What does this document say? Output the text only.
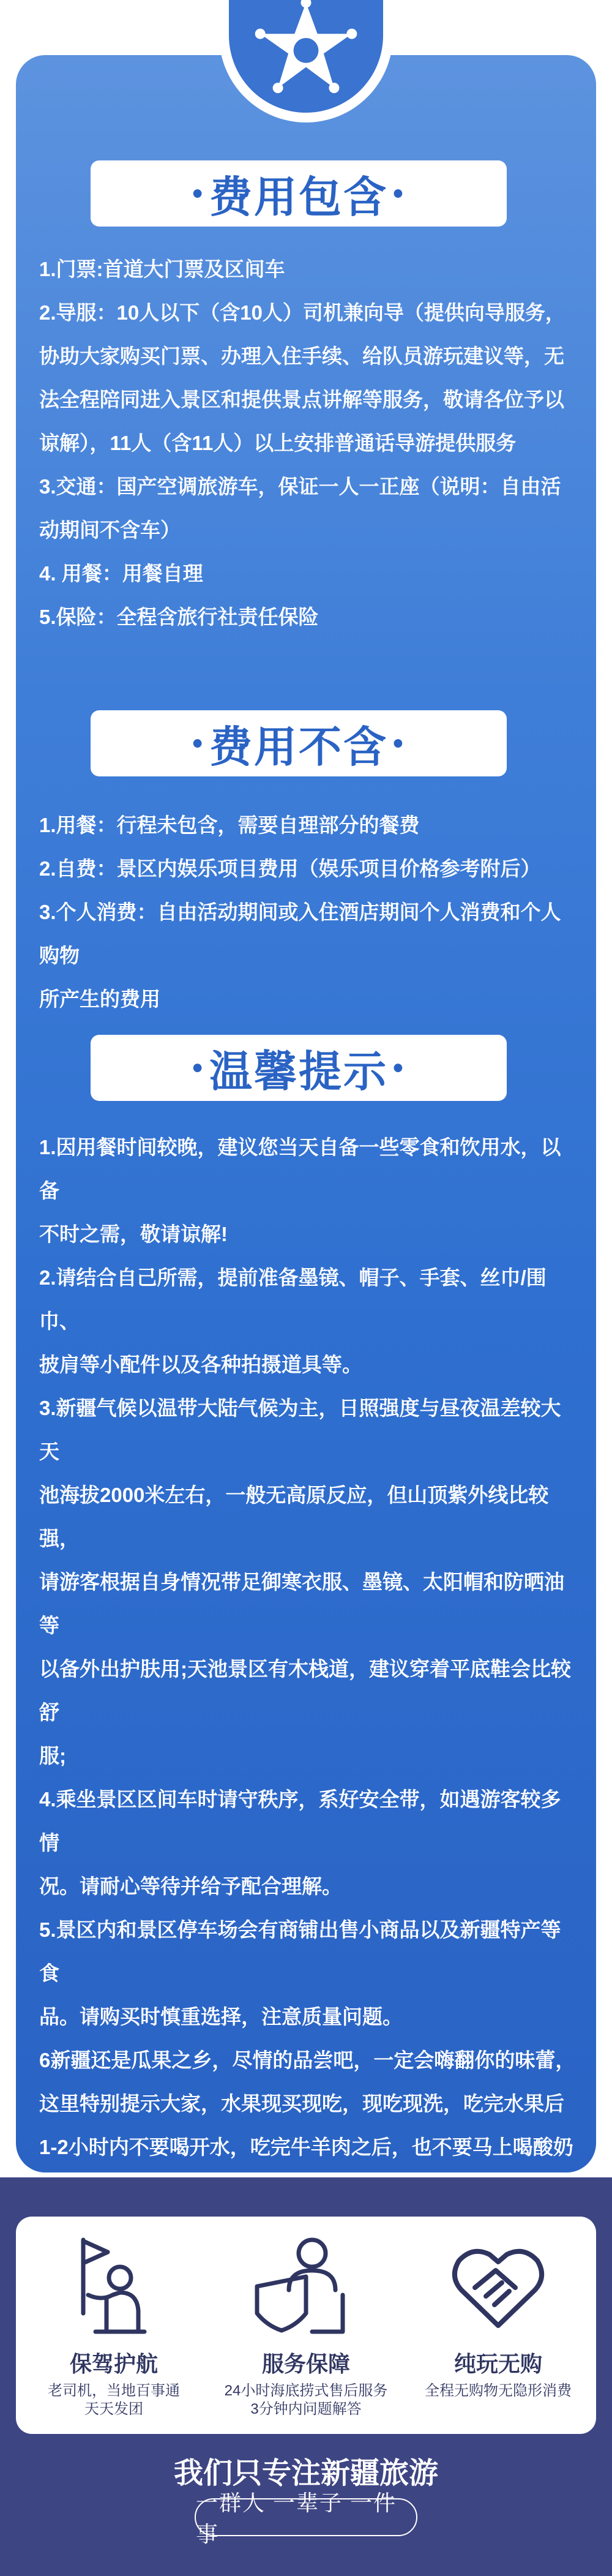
• 费用包含 •

1.门票:首道大门票及区间车

2.导服：10人以下（含10人）司机兼向导（提供向导服务，

协助大家购买门票、办理入住手续、给队员游玩建议等，无

法全程陪同进入景区和提供景点讲解等服务，敬请各位予以

谅解），11人（含11人）以上安排普通话导游提供服务

3.交通：国产空调旅游车，保证一人一正座（说明：自由活

动期间不含车）

4. 用餐：用餐自理

5.保险：全程含旅行社责任保险

• 费用不含 •

1.用餐：行程未包含，需要自理部分的餐费

2.自费：景区内娱乐项目费用（娱乐项目价格参考附后）

3.个人消费：自由活动期间或入住酒店期间个人消费和个人购物

所产生的费用

• 温馨提示 •

1.因用餐时间较晚，建议您当天自备一些零食和饮用水，以备

不时之需，敬请谅解!

2.请结合自己所需，提前准备墨镜、帽子、手套、丝巾/围巾、

披肩等小配件以及各种拍摄道具等。

3.新疆气候以温带大陆气候为主，日照强度与昼夜温差较大天

池海拔2000米左右，一般无高原反应，但山顶紫外线比较强，

请游客根据自身情况带足御寒衣服、墨镜、太阳帽和防晒油等

以备外出护肤用;天池景区有木栈道，建议穿着平底鞋会比较舒

服;

4.乘坐景区区间车时请守秩序，系好安全带，如遇游客较多情

况。请耐心等待并给予配合理解。

5.景区内和景区停车场会有商铺出售小商品以及新疆特产等食

品。请购买时慎重选择，注意质量问题。

6新疆还是瓜果之乡，尽情的品尝吧，一定会嗨翻你的味蕾，

这里特别提示大家，水果现买现吃，现吃现洗，吃完水果后

1-2小时内不要喝开水，吃完牛羊肉之后，也不要马上喝酸奶

保驾护航
老司机，当地百事通
天天发团
服务保障
24小时海底捞式售后服务
3分钟内问题解答
纯玩无购
全程无购物无隐形消费
我们只专注新疆旅游
一群人 一辈子 一件事
